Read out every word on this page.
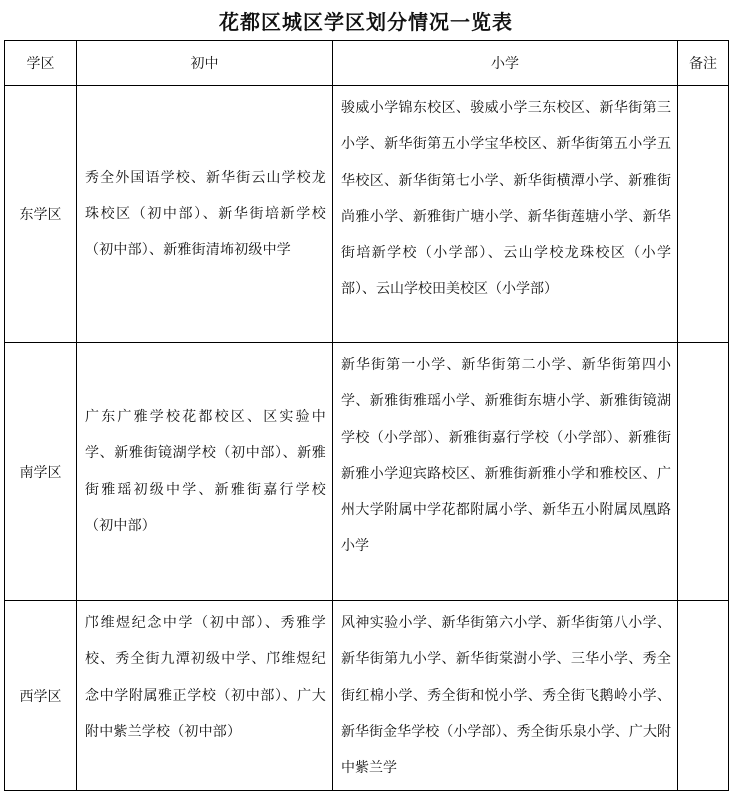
花都区城区学区划分情况一览表
学区	初中	小学	备注
东学区	秀全外国语学校、新华街云山学校龙珠校区（初中部）、新华街培新学校（初中部）、新雅街清㘵初级中学	骏威小学锦东校区、骏威小学三东校区、新华街第三小学、新华街第五小学宝华校区、新华街第五小学五华校区、新华街第七小学、新华街横潭小学、新雅街尚雅小学、新雅街广塘小学、新华街莲塘小学、新华街培新学校（小学部）、云山学校龙珠校区（小学部）、云山学校田美校区（小学部）	

南学区	广东广雅学校花都校区、区实验中学、新雅街镜湖学校（初中部）、新雅街雅瑶初级中学、新雅街嘉行学校（初中部）	新华街第一小学、新华街第二小学、新华街第四小学、新雅街雅瑶小学、新雅街东塘小学、新雅街镜湖学校（小学部）、新雅街嘉行学校（小学部）、新雅街新雅小学迎宾路校区、新雅街新雅小学和雅校区、广州大学附属中学花都附属小学、新华五小附属凤凰路小学	

西学区	邝维煜纪念中学（初中部）、秀雅学校、秀全街九潭初级中学、邝维煜纪念中学附属雅正学校（初中部）、广大附中紫兰学校（初中部）	风神实验小学、新华街第六小学、新华街第八小学、新华街第九小学、新华街棠澍小学、三华小学、秀全街红棉小学、秀全街和悦小学、秀全街飞鹅岭小学、新华街金华学校（小学部）、秀全街乐泉小学、广大附中紫兰学	
